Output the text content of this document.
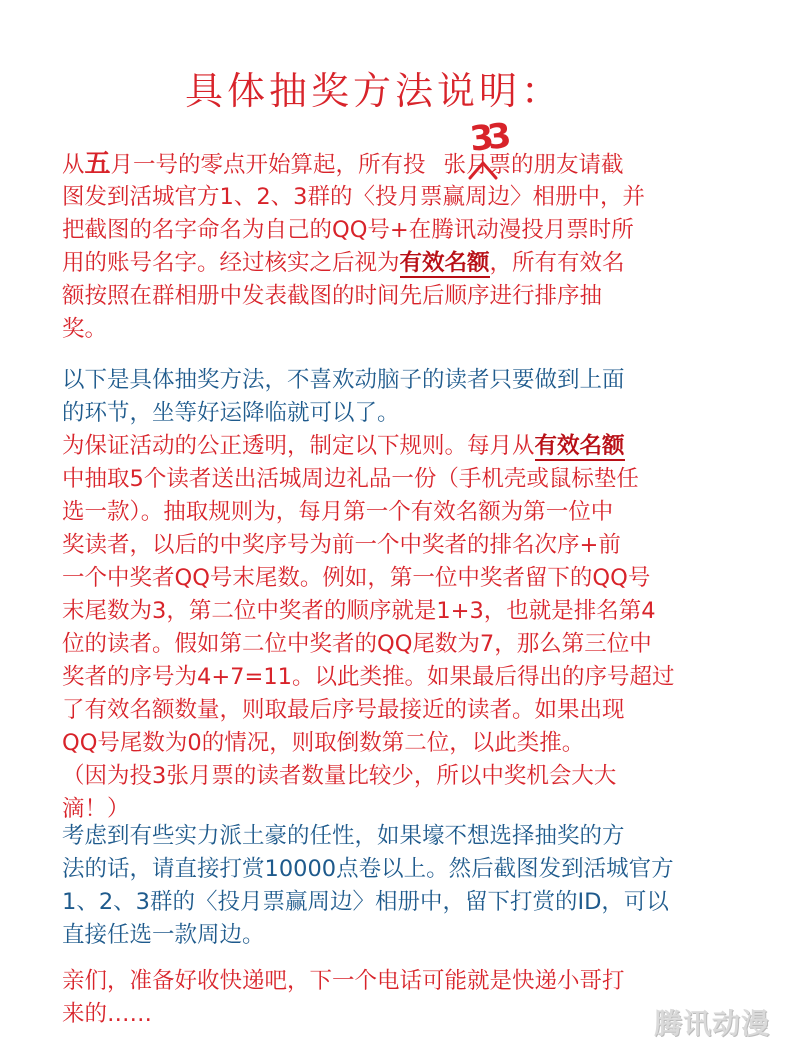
具体抽奖方法说明：
33
从五月一号的零点开始算起，所有投 张月票的朋友请截
图发到活城官方1、2、3群的〈投月票赢周边〉相册中，并
把截图的名字命名为自己的QQ号+在腾讯动漫投月票时所
用的账号名字。经过核实之后视为有效名额，所有有效名
额按照在群相册中发表截图的时间先后顺序进行排序抽
奖。
以下是具体抽奖方法，不喜欢动脑子的读者只要做到上面
的环节，坐等好运降临就可以了。
为保证活动的公正透明，制定以下规则。每月从有效名额
中抽取5个读者送出活城周边礼品一份（手机壳或鼠标垫任
选一款）。抽取规则为，每月第一个有效名额为第一位中
奖读者，以后的中奖序号为前一个中奖者的排名次序+前
一个中奖者QQ号末尾数。例如，第一位中奖者留下的QQ号
末尾数为3，第二位中奖者的顺序就是1+3，也就是排名第4
位的读者。假如第二位中奖者的QQ尾数为7，那么第三位中
奖者的序号为4+7=11。以此类推。如果最后得出的序号超过
了有效名额数量，则取最后序号最接近的读者。如果出现
QQ号尾数为0的情况，则取倒数第二位，以此类推。
（因为投3张月票的读者数量比较少，所以中奖机会大大
滴！）
考虑到有些实力派土豪的任性，如果壕不想选择抽奖的方
法的话，请直接打赏10000点卷以上。然后截图发到活城官方
1、2、3群的〈投月票赢周边〉相册中，留下打赏的ID，可以
直接任选一款周边。
亲们，准备好收快递吧，下一个电话可能就是快递小哥打
来的……	腾讯动漫
